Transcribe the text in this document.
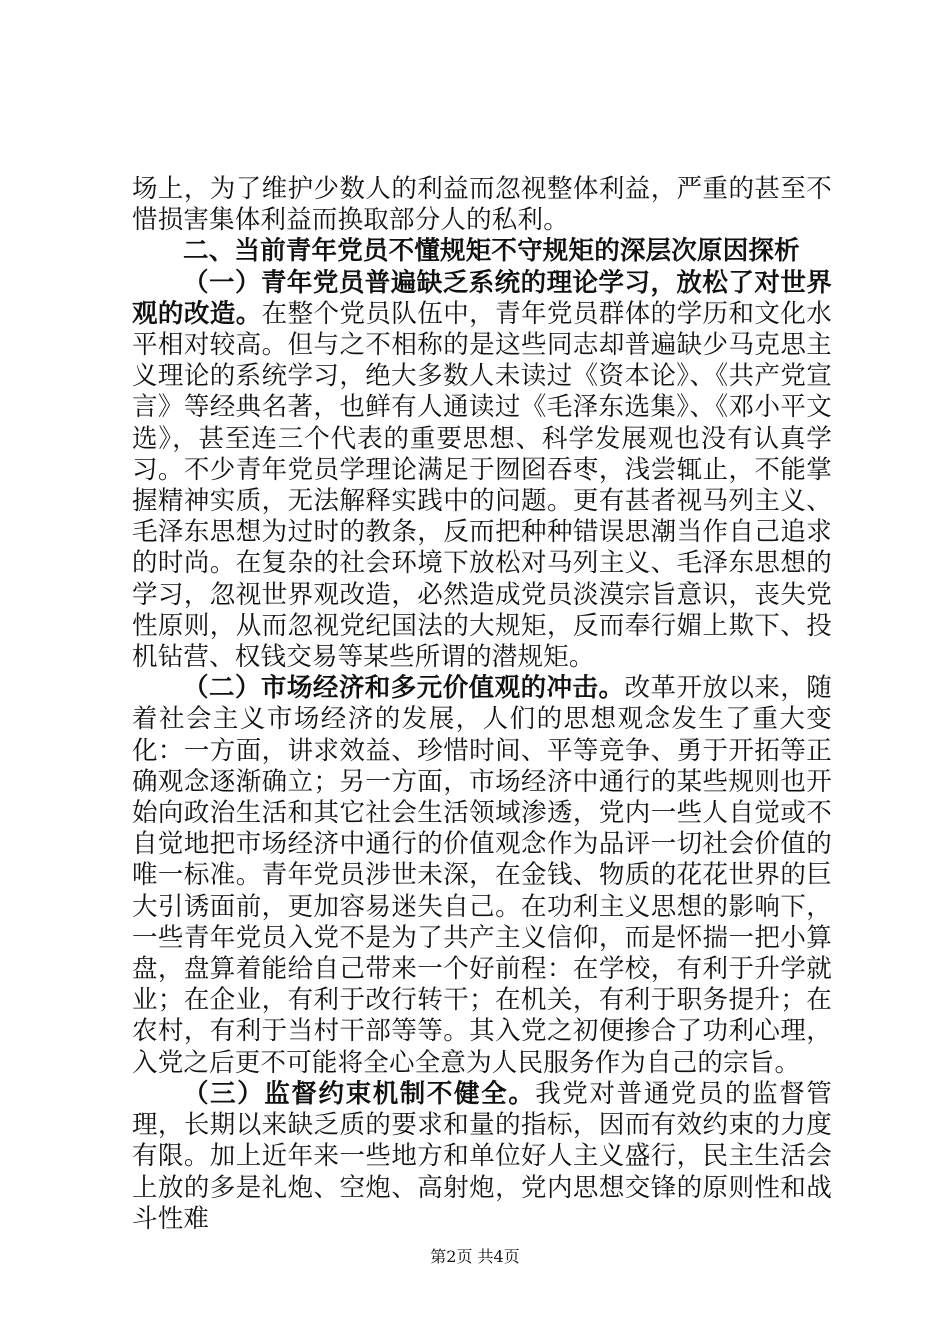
场上，为了维护少数人的利益而忽视整体利益，严重的甚至不惜损害集体利益而换取部分人的私利。

二、当前青年党员不懂规矩不守规矩的深层次原因探析

（一）青年党员普遍缺乏系统的理论学习，放松了对世界观的改造。在整个党员队伍中，青年党员群体的学历和文化水平相对较高。但与之不相称的是这些同志却普遍缺少马克思主义理论的系统学习，绝大多数人未读过《资本论》、《共产党宣言》等经典名著，也鲜有人通读过《毛泽东选集》、《邓小平文选》，甚至连三个代表的重要思想、科学发展观也没有认真学习。不少青年党员学理论满足于囫囵吞枣，浅尝辄止，不能掌握精神实质，无法解释实践中的问题。更有甚者视马列主义、毛泽东思想为过时的教条，反而把种种错误思潮当作自己追求的时尚。在复杂的社会环境下放松对马列主义、毛泽东思想的学习，忽视世界观改造，必然造成党员淡漠宗旨意识，丧失党性原则，从而忽视党纪国法的大规矩，反而奉行媚上欺下、投机钻营、权钱交易等某些所谓的潜规矩。

（二）市场经济和多元价值观的冲击。改革开放以来，随着社会主义市场经济的发展，人们的思想观念发生了重大变化：一方面，讲求效益、珍惜时间、平等竞争、勇于开拓等正确观念逐渐确立；另一方面，市场经济中通行的某些规则也开始向政治生活和其它社会生活领域渗透，党内一些人自觉或不自觉地把市场经济中通行的价值观念作为品评一切社会价值的唯一标准。青年党员涉世未深，在金钱、物质的花花世界的巨大引诱面前，更加容易迷失自己。在功利主义思想的影响下，一些青年党员入党不是为了共产主义信仰，而是怀揣一把小算盘，盘算着能给自己带来一个好前程：在学校，有利于升学就业；在企业，有利于改行转干；在机关，有利于职务提升；在农村，有利于当村干部等等。其入党之初便掺合了功利心理，入党之后更不可能将全心全意为人民服务作为自己的宗旨。

（三）监督约束机制不健全。我党对普通党员的监督管理，长期以来缺乏质的要求和量的指标，因而有效约束的力度有限。加上近年来一些地方和单位好人主义盛行，民主生活会上放的多是礼炮、空炮、高射炮，党内思想交锋的原则性和战斗性难

第2页 共4页
